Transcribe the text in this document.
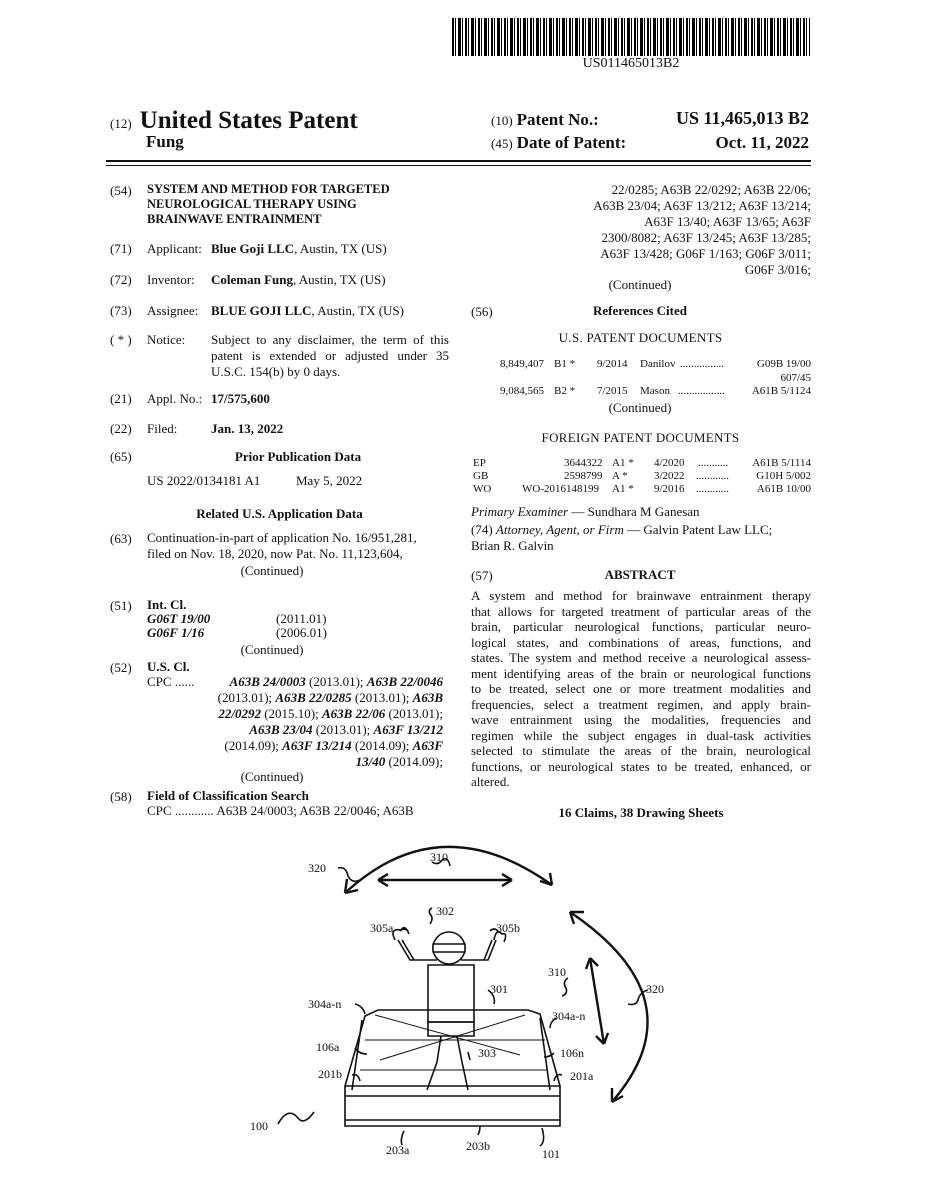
US011465013B2
(12) United States Patent
Fung
(10) Patent No.:	US 11,465,013 B2
(45) Date of Patent:	Oct. 11, 2022
(54) SYSTEM AND METHOD FOR TARGETED
NEUROLOGICAL THERAPY USING
BRAINWAVE ENTRAINMENT
(71) Applicant: Blue Goji LLC, Austin, TX (US)
(72) Inventor: Coleman Fung, Austin, TX (US)
(73) Assignee: BLUE GOJI LLC, Austin, TX (US)
( * ) Notice: Subject to any disclaimer, the term of this
patent is extended or adjusted under 35
U.S.C. 154(b) by 0 days.
(21) Appl. No.: 17/575,600
(22) Filed:	Jan. 13, 2022
(65)	Prior Publication Data
US 2022/0134181 A1	May 5, 2022
Related U.S. Application Data
(63) Continuation-in-part of application No. 16/951,281,
filed on Nov. 18, 2020, now Pat. No. 11,123,604,
(Continued)
(51) Int. Cl.
G06T 19/00	(2011.01)
G06F 1/16	(2006.01)
(Continued)
(52) U.S. Cl.
CPC ......	A63B 24/0003 (2013.01); A63B 22/0046
(2013.01); A63B 22/0285 (2013.01); A63B
22/0292 (2015.10); A63B 22/06 (2013.01);
A63B 23/04 (2013.01); A63F 13/212
(2014.09); A63F 13/214 (2014.09); A63F
13/40 (2014.09);
(Continued)
(58) Field of Classification Search
CPC ............ A63B 24/0003; A63B 22/0046; A63B
22/0285; A63B 22/0292; A63B 22/06;
A63B 23/04; A63F 13/212; A63F 13/214;
A63F 13/40; A63F 13/65; A63F
2300/8082; A63F 13/245; A63F 13/285;
A63F 13/428; G06F 1/163; G06F 3/011;
G06F 3/016;
(Continued)
(56)	References Cited
U.S. PATENT DOCUMENTS
8,849,407 B1 * 9/2014 Danilov ................	G09B 19/00
607/45
9,084,565 B2 * 7/2015 Mason ................. A61B 5/1124
(Continued)
FOREIGN PATENT DOCUMENTS
EP	3644322 A1 * 4/2020 ........... A61B 5/1114
GB	2598799 A * 3/2022 ............ G10H 5/002
WO	WO-2016148199 A1 * 9/2016 ............	A61B 10/00
Primary Examiner — Sundhara M Ganesan
(74) Attorney, Agent, or Firm — Galvin Patent Law LLC;
Brian R. Galvin
(57)	ABSTRACT
A system and method for brainwave entrainment therapy
that allows for targeted treatment of particular areas of the
brain, particular neurological functions, particular neuro-
logical states, and combinations of areas, functions, and
states. The system and method receive a neurological assess-
ment identifying areas of the brain or neurological functions
to be treated, select one or more treatment modalities and
frequencies, select a treatment regimen, and apply brain-
wave entrainment using the modalities, frequencies and
regimen while the subject engages in dual-task activities
selected to stimulate the areas of the brain, neurological
functions, or neurological states to be treated, enhanced, or
altered.
16 Claims, 38 Drawing Sheets
320
310
302
305a	305b
310
320
301
304a-n
304a-n
106a	106n
303
201b	201a
100
203a	203b
101
